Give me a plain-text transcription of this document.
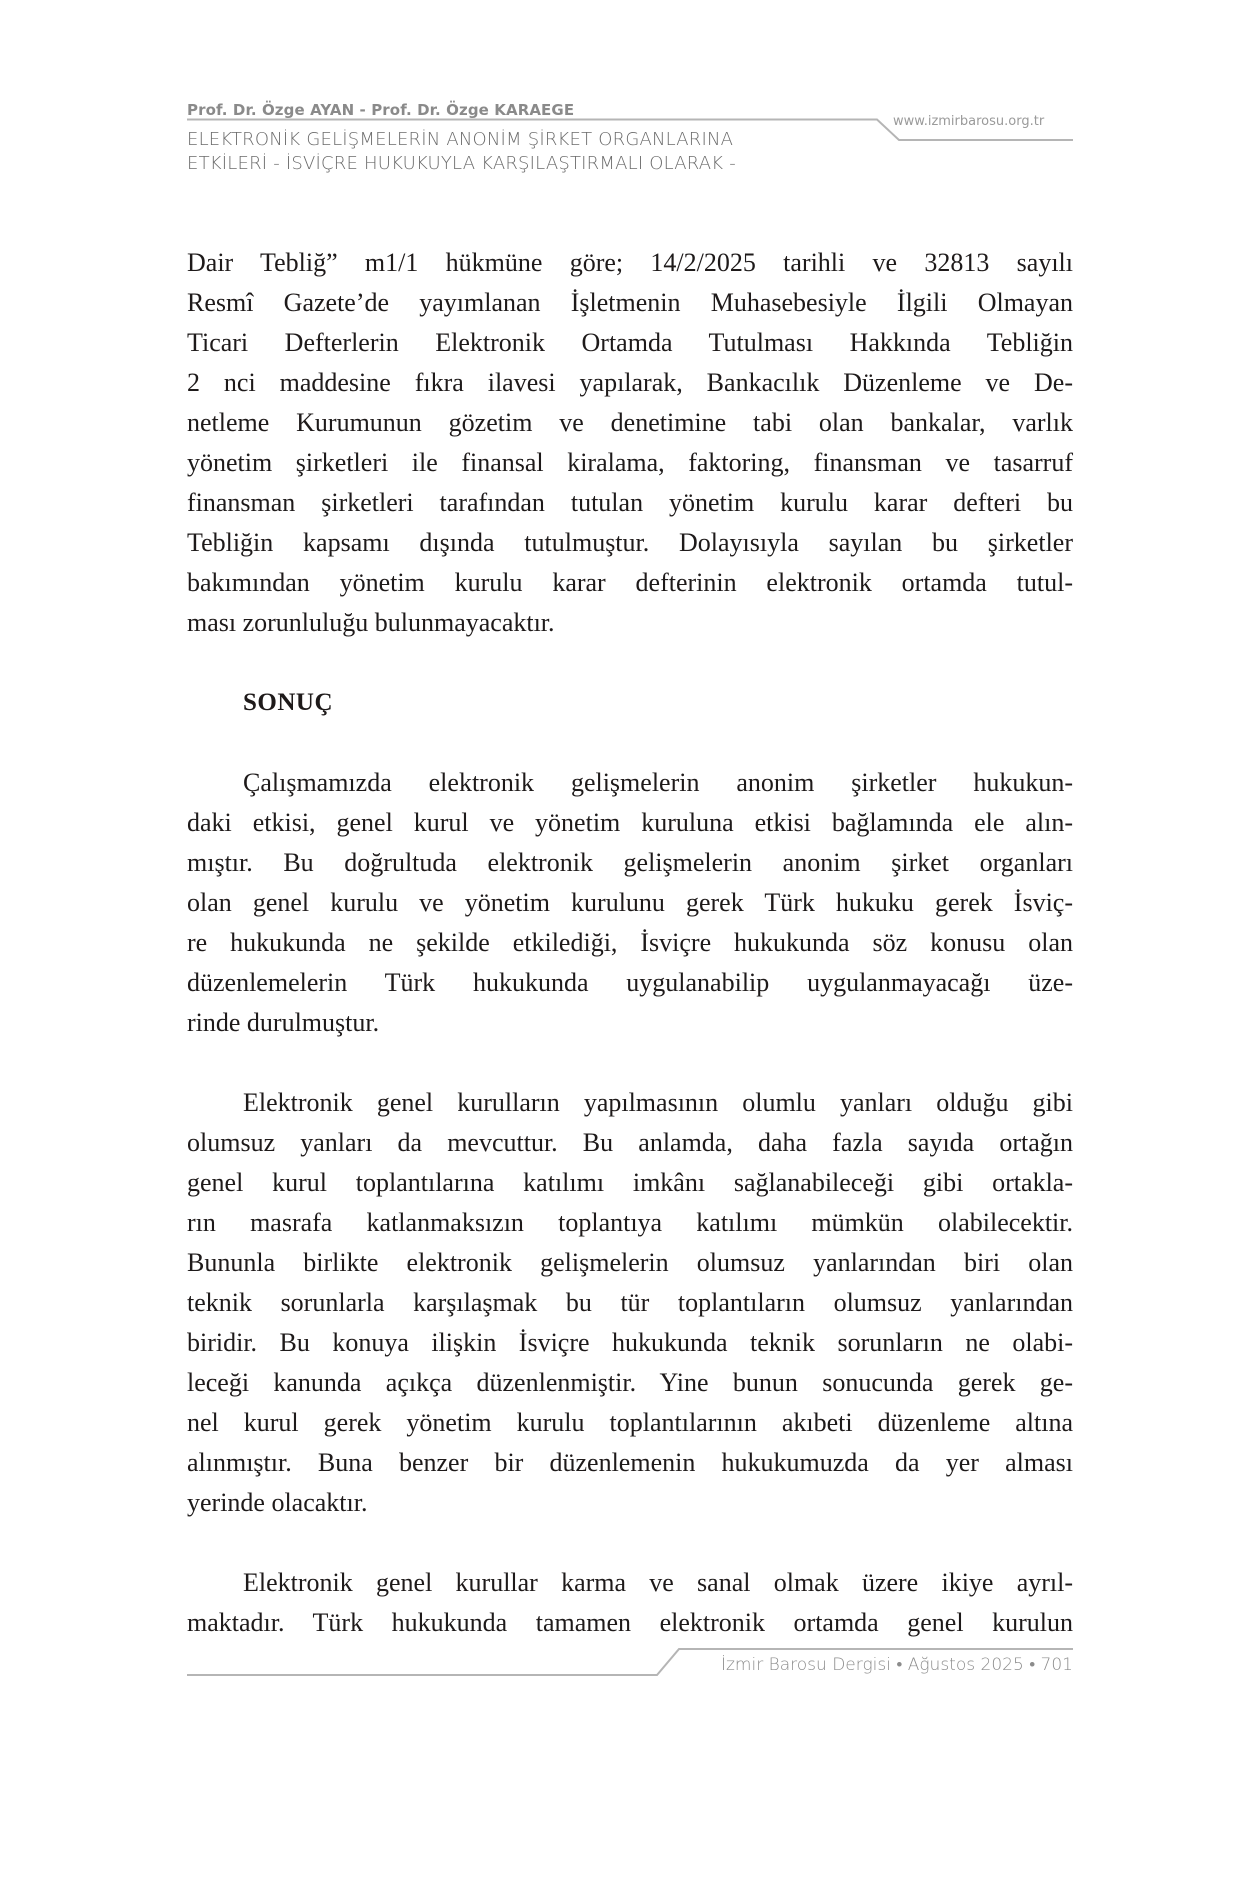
Prof. Dr. Özge AYAN - Prof. Dr. Özge KARAEGE
www.izmirbarosu.org.tr
ELEKTRONİK GELİŞMELERİN ANONİM ŞİRKET ORGANLARINA
ETKİLERİ - İSVİÇRE HUKUKUYLA KARŞILAŞTIRMALI OLARAK -
Dair Tebliğ” m1/1 hükmüne göre; 14/2/2025 tarihli ve 32813 sayılı
Resmî Gazete’de yayımlanan İşletmenin Muhasebesiyle İlgili Olmayan
Ticari Defterlerin Elektronik Ortamda Tutulması Hakkında Tebliğin
2 nci maddesine fıkra ilavesi yapılarak, Bankacılık Düzenleme ve De-
netleme Kurumunun gözetim ve denetimine tabi olan bankalar, varlık
yönetim şirketleri ile finansal kiralama, faktoring, finansman ve tasarruf
finansman şirketleri tarafından tutulan yönetim kurulu karar defteri bu
Tebliğin kapsamı dışında tutulmuştur. Dolayısıyla sayılan bu şirketler
bakımından yönetim kurulu karar defterinin elektronik ortamda tutul-
ması zorunluluğu bulunmayacaktır.
SONUÇ
Çalışmamızda elektronik gelişmelerin anonim şirketler hukukun-
daki etkisi, genel kurul ve yönetim kuruluna etkisi bağlamında ele alın-
mıştır. Bu doğrultuda elektronik gelişmelerin anonim şirket organları
olan genel kurulu ve yönetim kurulunu gerek Türk hukuku gerek İsviç-
re hukukunda ne şekilde etkilediği, İsviçre hukukunda söz konusu olan
düzenlemelerin Türk hukukunda uygulanabilip uygulanmayacağı üze-
rinde durulmuştur.
Elektronik genel kurulların yapılmasının olumlu yanları olduğu gibi
olumsuz yanları da mevcuttur. Bu anlamda, daha fazla sayıda ortağın
genel kurul toplantılarına katılımı imkânı sağlanabileceği gibi ortakla-
rın masrafa katlanmaksızın toplantıya katılımı mümkün olabilecektir.
Bununla birlikte elektronik gelişmelerin olumsuz yanlarından biri olan
teknik sorunlarla karşılaşmak bu tür toplantıların olumsuz yanlarından
biridir. Bu konuya ilişkin İsviçre hukukunda teknik sorunların ne olabi-
leceği kanunda açıkça düzenlenmiştir. Yine bunun sonucunda gerek ge-
nel kurul gerek yönetim kurulu toplantılarının akıbeti düzenleme altına
alınmıştır. Buna benzer bir düzenlemenin hukukumuzda da yer alması
yerinde olacaktır.
Elektronik genel kurullar karma ve sanal olmak üzere ikiye ayrıl-
maktadır. Türk hukukunda tamamen elektronik ortamda genel kurulun
İzmir Barosu Dergisi • Ağustos 2025 • 701
